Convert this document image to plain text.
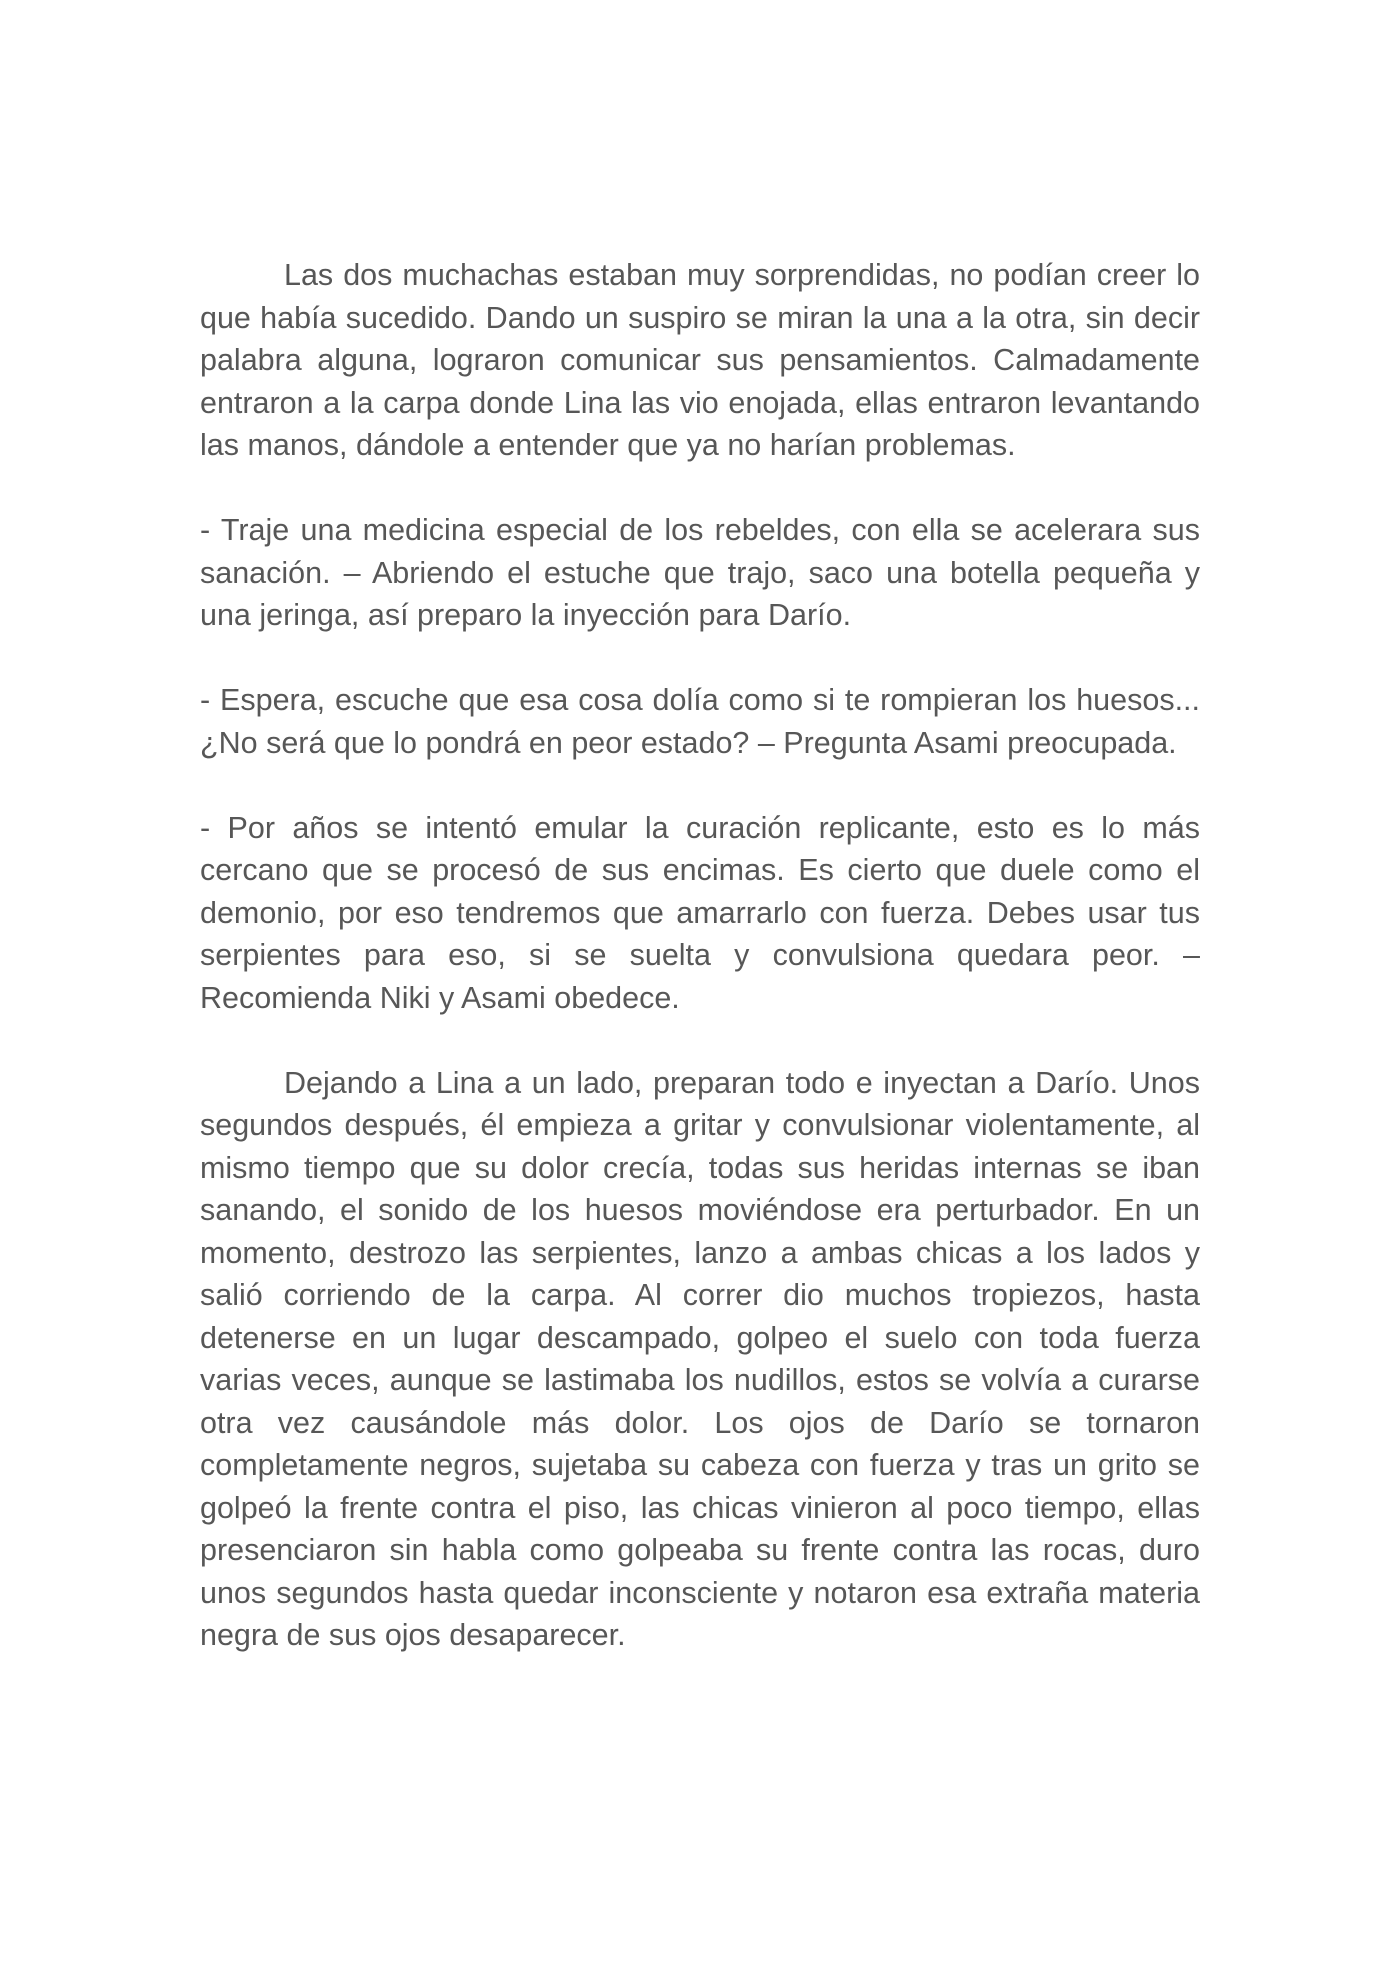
Las dos muchachas estaban muy sorprendidas, no podían creer lo que había sucedido. Dando un suspiro se miran la una a la otra, sin decir palabra alguna, lograron comunicar sus pensamientos. Calmadamente entraron a la carpa donde Lina las vio enojada, ellas entraron levantando las manos, dándole a entender que ya no harían problemas.

- Traje una medicina especial de los rebeldes, con ella se acelerara sus sanación. – Abriendo el estuche que trajo, saco una botella pequeña y una jeringa, así preparo la inyección para Darío.

- Espera, escuche que esa cosa dolía como si te rompieran los huesos... ¿No será que lo pondrá en peor estado? – Pregunta Asami preocupada.

- Por años se intentó emular la curación replicante, esto es lo más cercano que se procesó de sus encimas. Es cierto que duele como el demonio, por eso tendremos que amarrarlo con fuerza. Debes usar tus serpientes para eso, si se suelta y convulsiona quedara peor. – Recomienda Niki y Asami obedece.

Dejando a Lina a un lado, preparan todo e inyectan a Darío. Unos segundos después, él empieza a gritar y convulsionar violentamente, al mismo tiempo que su dolor crecía, todas sus heridas internas se iban sanando, el sonido de los huesos moviéndose era perturbador. En un momento, destrozo las serpientes, lanzo a ambas chicas a los lados y salió corriendo de la carpa. Al correr dio muchos tropiezos, hasta detenerse en un lugar descampado, golpeo el suelo con toda fuerza varias veces, aunque se lastimaba los nudillos, estos se volvía a curarse otra vez causándole más dolor. Los ojos de Darío se tornaron completamente negros, sujetaba su cabeza con fuerza y tras un grito se golpeó la frente contra el piso, las chicas vinieron al poco tiempo, ellas presenciaron sin habla como golpeaba su frente contra las rocas, duro unos segundos hasta quedar inconsciente y notaron esa extraña materia negra de sus ojos desaparecer.
